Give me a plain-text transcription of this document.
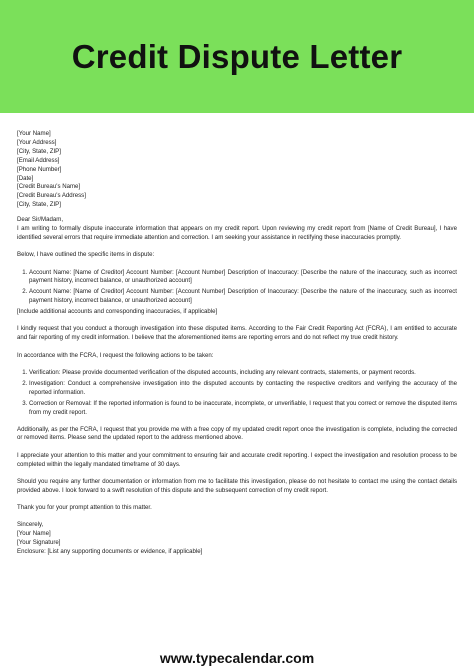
Credit Dispute Letter
[Your Name]
[Your Address]
[City, State, ZIP]
[Email Address]
[Phone Number]
[Date]
[Credit Bureau's Name]
[Credit Bureau's Address]
[City, State, ZIP]
Dear Sir/Madam,

I am writing to formally dispute inaccurate information that appears on my credit report. Upon reviewing my credit report from [Name of Credit Bureau], I have identified several errors that require immediate attention and correction. I am seeking your assistance in rectifying these inaccuracies promptly.

Below, I have outlined the specific items in dispute:

1. Account Name: [Name of Creditor] Account Number: [Account Number] Description of Inaccuracy: [Describe the nature of the inaccuracy, such as incorrect payment history, incorrect balance, or unauthorized account]
2. Account Name: [Name of Creditor] Account Number: [Account Number] Description of Inaccuracy: [Describe the nature of the inaccuracy, such as incorrect payment history, incorrect balance, or unauthorized account]

[Include additional accounts and corresponding inaccuracies, if applicable]

I kindly request that you conduct a thorough investigation into these disputed items. According to the Fair Credit Reporting Act (FCRA), I am entitled to accurate and fair reporting of my credit information. I believe that the aforementioned items are reporting errors and do not reflect my true credit history.

In accordance with the FCRA, I request the following actions to be taken:

1. Verification: Please provide documented verification of the disputed accounts, including any relevant contracts, statements, or payment records.
2. Investigation: Conduct a comprehensive investigation into the disputed accounts by contacting the respective creditors and verifying the accuracy of the reported information.
3. Correction or Removal: If the reported information is found to be inaccurate, incomplete, or unverifiable, I request that you correct or remove the disputed items from my credit report.

Additionally, as per the FCRA, I request that you provide me with a free copy of my updated credit report once the investigation is complete, including the corrected or removed items. Please send the updated report to the address mentioned above.

I appreciate your attention to this matter and your commitment to ensuring fair and accurate credit reporting. I expect the investigation and resolution process to be completed within the legally mandated timeframe of 30 days.

Should you require any further documentation or information from me to facilitate this investigation, please do not hesitate to contact me using the contact details provided above. I look forward to a swift resolution of this dispute and the subsequent correction of my credit report.

Thank you for your prompt attention to this matter.

Sincerely,
[Your Name]
[Your Signature]
Enclosure: [List any supporting documents or evidence, if applicable]
www.typecalendar.com
